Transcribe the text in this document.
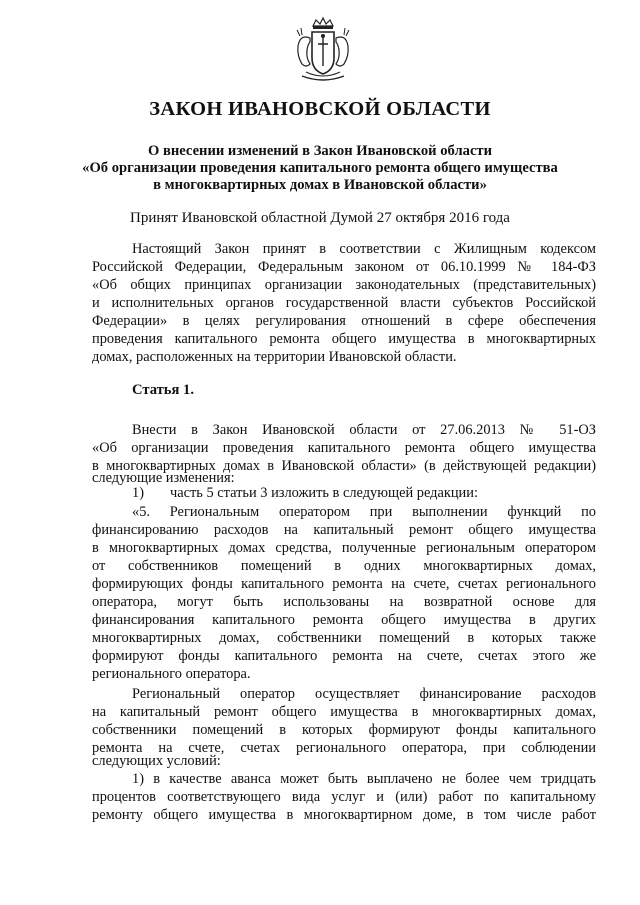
ЗАКОН ИВАНОВСКОЙ ОБЛАСТИ
О внесении изменений в Закон Ивановской области
«Об организации проведения капитального ремонта общего имущества
в многоквартирных домах в Ивановской области»

Принят Ивановской областной Думой 27 октября 2016 года

Настоящий Закон принят в соответствии с Жилищным кодексом

Российской Федерации, Федеральным законом от 06.10.1999 № 184-ФЗ

«Об общих принципах организации законодательных (представительных)

и исполнительных органов государственной власти субъектов Российской

Федерации» в целях регулирования отношений в сфере обеспечения

проведения капитального ремонта общего имущества в многоквартирных

домах, расположенных на территории Ивановской области.

Статья 1.

Внести в Закон Ивановской области от 27.06.2013 № 51-ОЗ

«Об организации проведения капитального ремонта общего имущества

в многоквартирных домах в Ивановской области» (в действующей редакции)

следующие изменения:

1) часть 5 статьи 3 изложить в следующей редакции:

«5. Региональным оператором при выполнении функций по

финансированию расходов на капитальный ремонт общего имущества

в многоквартирных домах средства, полученные региональным оператором

от собственников помещений в одних многоквартирных домах,

формирующих фонды капитального ремонта на счете, счетах регионального

оператора, могут быть использованы на возвратной основе для

финансирования капитального ремонта общего имущества в других

многоквартирных домах, собственники помещений в которых также

формируют фонды капитального ремонта на счете, счетах этого же

регионального оператора.

Региональный оператор осуществляет финансирование расходов

на капитальный ремонт общего имущества в многоквартирных домах,

собственники помещений в которых формируют фонды капитального

ремонта на счете, счетах регионального оператора, при соблюдении

следующих условий:

1) в качестве аванса может быть выплачено не более чем тридцать

процентов соответствующего вида услуг и (или) работ по капитальному

ремонту общего имущества в многоквартирном доме, в том числе работ
